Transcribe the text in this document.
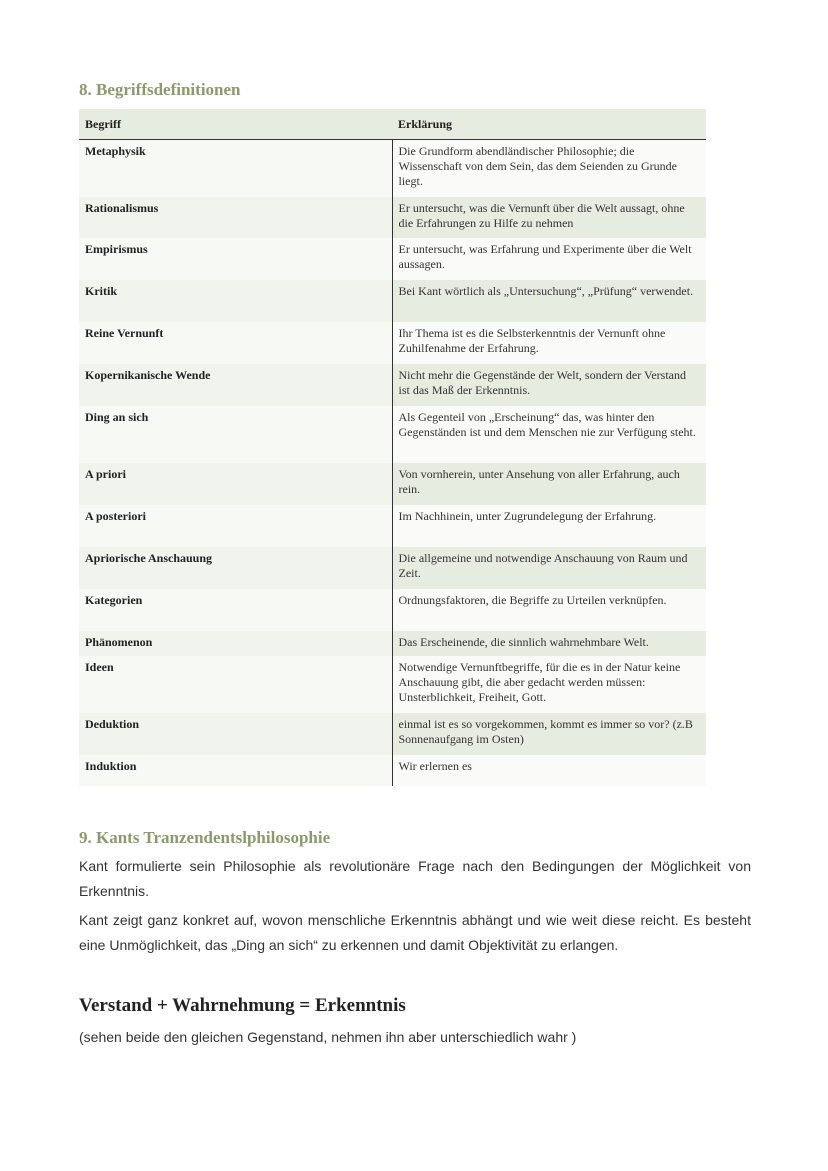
8. Begriffsdefinitionen
Begriff	Erklärung
Metaphysik	Die Grundform abendländischer Philosophie; die Wissenschaft von dem Sein, das dem Seienden zu Grunde liegt.
Rationalismus	Er untersucht, was die Vernunft über die Welt aussagt, ohne die Erfahrungen zu Hilfe zu nehmen
Empirismus	Er untersucht, was Erfahrung und Experimente über die Welt aussagen.
Kritik	Bei Kant wörtlich als „Untersuchung“, „Prüfung“ verwendet.
Reine Vernunft	Ihr Thema ist es die Selbsterkenntnis der Vernunft ohne Zuhilfenahme der Erfahrung.
Kopernikanische Wende	Nicht mehr die Gegenstände der Welt, sondern der Verstand ist das Maß der Erkenntnis.
Ding an sich	Als Gegenteil von „Erscheinung“ das, was hinter den Gegenständen ist und dem Menschen nie zur Verfügung steht.
A priori	Von vornherein, unter Ansehung von aller Erfahrung, auch rein.
A posteriori	Im Nachhinein, unter Zugrundelegung der Erfahrung.
Apriorische Anschauung	Die allgemeine und notwendige Anschauung von Raum und Zeit.
Kategorien	Ordnungsfaktoren, die Begriffe zu Urteilen verknüpfen.
Phänomenon	Das Erscheinende, die sinnlich wahrnehmbare Welt.
Ideen	Notwendige Vernunftbegriffe, für die es in der Natur keine Anschauung gibt, die aber gedacht werden müssen: Unsterblichkeit, Freiheit, Gott.
Deduktion	einmal ist es so vorgekommen, kommt es immer so vor? (z.B Sonnenaufgang im Osten)
Induktion	Wir erlernen es
9. Kants Tranzendentslphilosophie

Kant formulierte sein Philosophie als revolutionäre Frage nach den Bedingungen der Möglichkeit von Erkenntnis.

Kant zeigt ganz konkret auf, wovon menschliche Erkenntnis abhängt und wie weit diese reicht. Es besteht eine Unmöglichkeit, das „Ding an sich“ zu erkennen und damit Objektivität zu erlangen.

Verstand + Wahrnehmung = Erkenntnis

(sehen beide den gleichen Gegenstand, nehmen ihn aber unterschiedlich wahr )
